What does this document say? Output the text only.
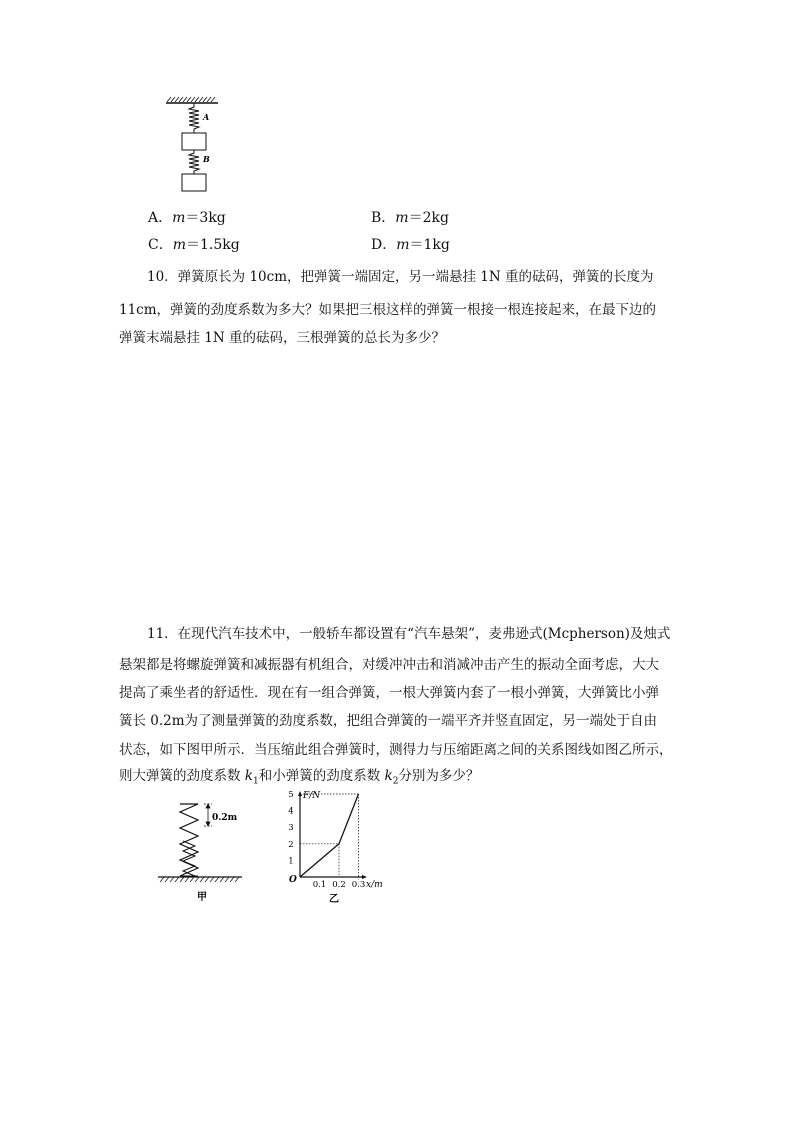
A
B
A．m＝3kg	B．m＝2kg
C．m＝1.5kg	D．m＝1kg
10．弹簧原长为 10cm，把弹簧一端固定，另一端悬挂 1N 重的砝码，弹簧的长度为
11cm，弹簧的劲度系数为多大？如果把三根这样的弹簧一根接一根连接起来，在最下边的
弹簧末端悬挂 1N 重的砝码，三根弹簧的总长为多少？
11．在现代汽车技术中，一般轿车都设置有“汽车悬架”，麦弗逊式(Mcpherson)及烛式
悬架都是将螺旋弹簧和减振器有机组合，对缓冲冲击和消减冲击产生的振动全面考虑，大大
提高了乘坐者的舒适性．现在有一组合弹簧，一根大弹簧内套了一根小弹簧，大弹簧比小弹
簧长 0.2m为了测量弹簧的劲度系数，把组合弹簧的一端平齐并竖直固定，另一端处于自由
状态，如下图甲所示．当压缩此组合弹簧时，测得力与压缩距离之间的关系图线如图乙所示，
则大弹簧的劲度系数 $k_1$和小弹簧的劲度系数 $k_2$分别为多少？
0.2m
甲
F/N
x/m
O
1
2
3
4
5
0.1 0.2 0.3
乙
